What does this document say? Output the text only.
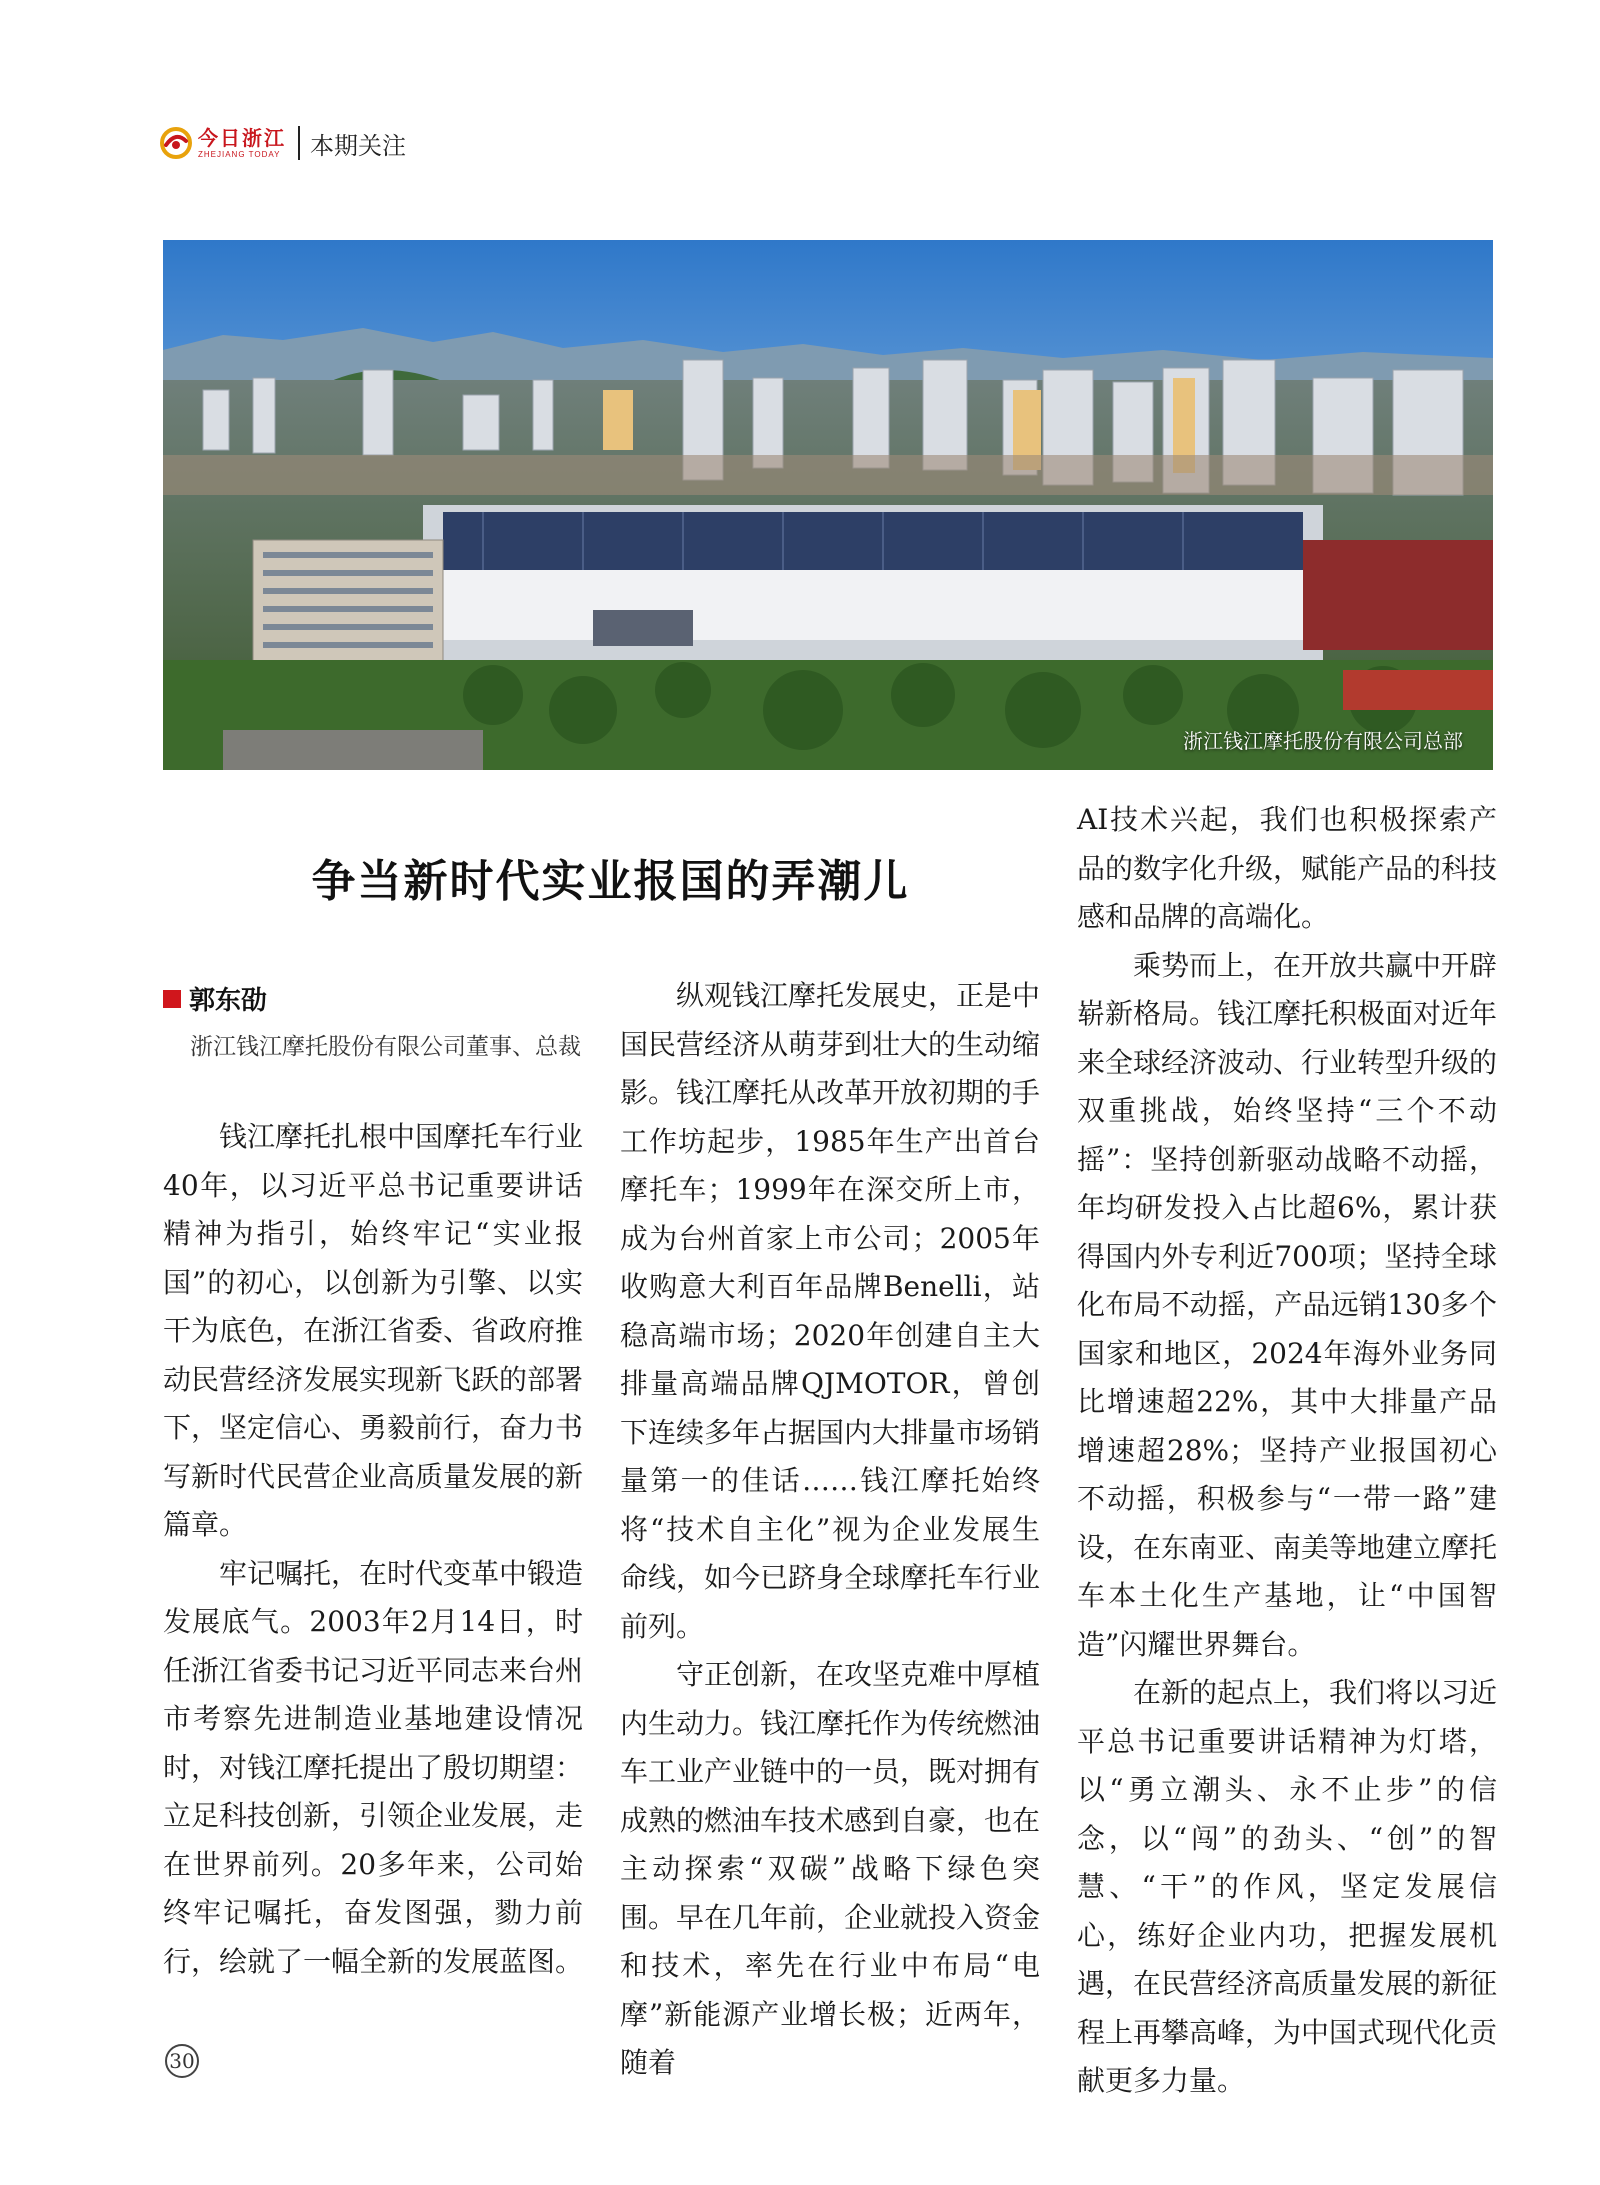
今日浙江
ZHEJIANG TODAY 本期关注
浙江钱江摩托股份有限公司总部
争当新时代实业报国的弄潮儿
郭东劭
浙江钱江摩托股份有限公司董事、总裁

钱江摩托扎根中国摩托车行业40年，以习近平总书记重要讲话精神为指引，始终牢记“实业报国”的初心，以创新为引擎、以实干为底色，在浙江省委、省政府推动民营经济发展实现新飞跃的部署下，坚定信心、勇毅前行，奋力书写新时代民营企业高质量发展的新篇章。

牢记嘱托，在时代变革中锻造发展底气。2003年2月14日，时任浙江省委书记习近平同志来台州市考察先进制造业基地建设情况时，对钱江摩托提出了殷切期望：立足科技创新，引领企业发展，走在世界前列。20多年来，公司始终牢记嘱托，奋发图强，勠力前行，绘就了一幅全新的发展蓝图。

纵观钱江摩托发展史，正是中国民营经济从萌芽到壮大的生动缩影。钱江摩托从改革开放初期的手工作坊起步，1985年生产出首台摩托车；1999年在深交所上市，成为台州首家上市公司；2005年收购意大利百年品牌Benelli，站稳高端市场；2020年创建自主大排量高端品牌QJMOTOR，曾创下连续多年占据国内大排量市场销量第一的佳话……钱江摩托始终将“技术自主化”视为企业发展生命线，如今已跻身全球摩托车行业前列。

守正创新，在攻坚克难中厚植内生动力。钱江摩托作为传统燃油车工业产业链中的一员，既对拥有成熟的燃油车技术感到自豪，也在主动探索“双碳”战略下绿色突围。早在几年前，企业就投入资金和技术，率先在行业中布局“电摩”新能源产业增长极；近两年，随着

AI技术兴起，我们也积极探索产品的数字化升级，赋能产品的科技感和品牌的高端化。

乘势而上，在开放共赢中开辟崭新格局。钱江摩托积极面对近年来全球经济波动、行业转型升级的双重挑战，始终坚持“三个不动摇”：坚持创新驱动战略不动摇，年均研发投入占比超6%，累计获得国内外专利近700项；坚持全球化布局不动摇，产品远销130多个国家和地区，2024年海外业务同比增速超22%，其中大排量产品增速超28%；坚持产业报国初心不动摇，积极参与“一带一路”建设，在东南亚、南美等地建立摩托车本土化生产基地，让“中国智造”闪耀世界舞台。

在新的起点上，我们将以习近平总书记重要讲话精神为灯塔，以“勇立潮头、永不止步”的信念，以“闯”的劲头、“创”的智慧、“干”的作风，坚定发展信心，练好企业内功，把握发展机遇，在民营经济高质量发展的新征程上再攀高峰，为中国式现代化贡献更多力量。

30
